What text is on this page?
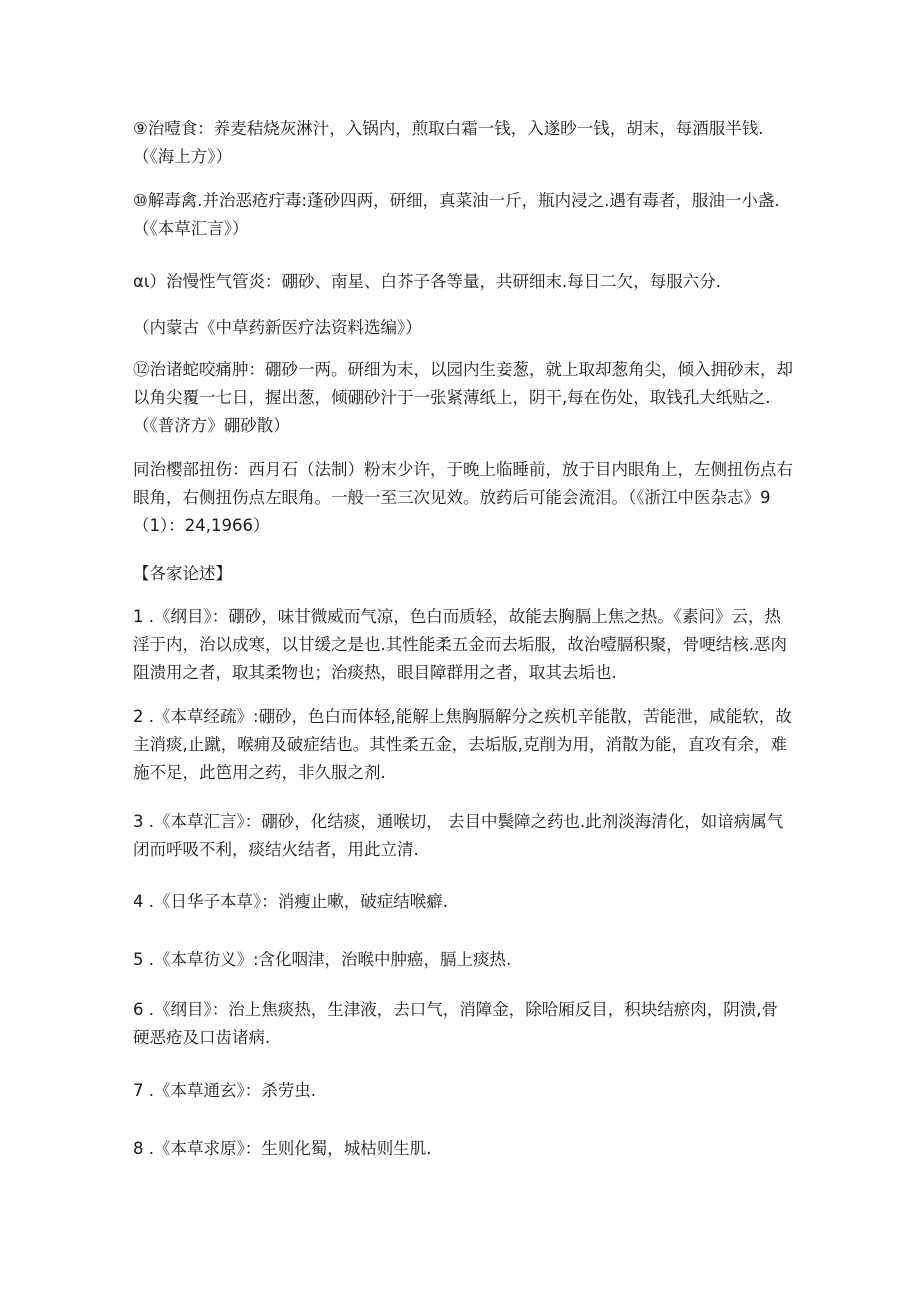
⑨治噎食：养麦秸烧灰淋汁，入锅内，煎取白霜一钱，入遂眇一钱，胡末，每酒服半钱.（《海上方》）

⑩解毒禽.并治恶疮疔毒:蓬砂四两，研细，真菜油一斤，瓶内浸之.遇有毒者，服油一小盏.（《本草汇言》）

αι）治慢性气管炎：硼砂、南星、白芥子各等量，共研细末.每日二欠，每服六分.

（内蒙古《中草药新医疗法资料选编》）

⑫治诸蛇咬痛肿：硼砂一两。研细为末，以园内生妾葱，就上取却葱角尖，倾入拥砂末，却以角尖覆一七日，握出葱，倾硼砂汁于一张紧薄纸上，阴干,每在伤处，取钱孔大纸贴之.（《普济方》硼砂散）

同治樱部扭伤：西月石（法制）粉末少许，于晚上临睡前，放于目内眼角上，左侧扭伤点右眼角，右侧扭伤点左眼角。一般一至三次见效。放药后可能会流泪。（《浙江中医杂志》9（1）：24,1966）

【各家论述】

1 .《纲目》：硼砂，味甘微威而气凉，色白而质轻，故能去胸膈上焦之热。《素问》云，热淫于内，治以成寒，以甘缓之是也.其性能柔五金而去垢服，故治噎膈积聚，骨哽结核.恶肉阻溃用之者，取其柔物也；治痰热，眼目障群用之者，取其去垢也.

2 .《本草经疏》:硼砂，色白而体轻,能解上焦胸膈解分之疾机辛能散，苦能泄，咸能软，故主消痰,止蹴，喉痈及破症结也。其性柔五金，去垢版,克削为用，消散为能，直攻有余，难施不足，此笆用之药，非久服之剂.

3 .《本草汇言》：硼砂，化结痰，通喉切， 去目中鬓障之药也.此剂淡海清化，如谙病属气闭而呼吸不利，痰结火结者，用此立清.

4 .《日华子本草》：消瘦止嗽，破症结喉癖.

5 .《本草彷义》:含化咽津，治喉中肿癌，膈上痰热.

6 .《纲目》：治上焦痰热，生津液，去口气，消障金，除哈厢反目，积块结瘀肉，阴溃,骨硬恶疮及口齿诸病.

7 .《本草通玄》：杀劳虫.

8 .《本草求原》：生则化蜀，城枯则生肌.
